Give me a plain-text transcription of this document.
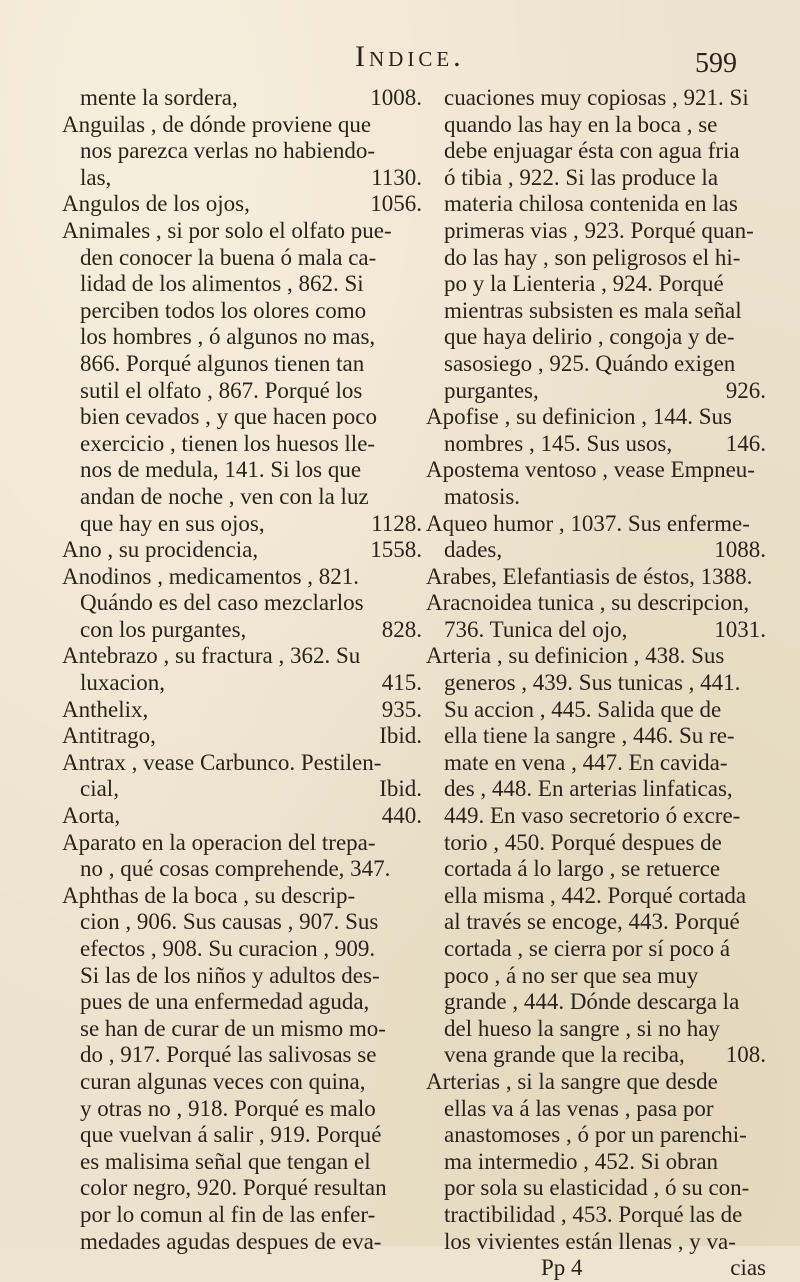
Indice.	599
mente la sordera,	1008.
Anguilas , de dónde proviene que
nos parezca verlas no habiendo-
las,	1130.
Angulos de los ojos,	1056.
Animales , si por solo el olfato pue-
den conocer la buena ó mala ca-
lidad de los alimentos , 862. Si
perciben todos los olores como
los hombres , ó algunos no mas,
866. Porqué algunos tienen tan
sutil el olfato , 867. Porqué los
bien cevados , y que hacen poco
exercicio , tienen los huesos lle-
nos de medula, 141. Si los que
andan de noche , ven con la luz
que hay en sus ojos,	1128.
Ano , su procidencia,	1558.
Anodinos , medicamentos , 821.
Quándo es del caso mezclarlos
con los purgantes,	828.
Antebrazo , su fractura , 362. Su
luxacion,	415.
Anthelix,	935.
Antitrago,	Ibid.
Antrax , vease Carbunco. Pestilen-
cial,	Ibid.
Aorta,	440.
Aparato en la operacion del trepa-
no , qué cosas comprehende, 347.
Aphthas de la boca , su descrip-
cion , 906. Sus causas , 907. Sus
efectos , 908. Su curacion , 909.
Si las de los niños y adultos des-
pues de una enfermedad aguda,
se han de curar de un mismo mo-
do , 917. Porqué las salivosas se
curan algunas veces con quina,
y otras no , 918. Porqué es malo
que vuelvan á salir , 919. Porqué
es malisima señal que tengan el
color negro, 920. Porqué resultan
por lo comun al fin de las enfer-
medades agudas despues de eva-
cuaciones muy copiosas , 921. Si
quando las hay en la boca , se
debe enjuagar ésta con agua fria
ó tibia , 922. Si las produce la
materia chilosa contenida en las
primeras vias , 923. Porqué quan-
do las hay , son peligrosos el hi-
po y la Lienteria , 924. Porqué
mientras subsisten es mala señal
que haya delirio , congoja y de-
sasosiego , 925. Quándo exigen
purgantes,	926.
Apofise , su definicion , 144. Sus
nombres , 145. Sus usos, 146.
Apostema ventoso , vease Empneu-
matosis.
Aqueo humor , 1037. Sus enferme-
dades,	1088.
Arabes, Elefantiasis de éstos, 1388.
Aracnoidea tunica , su descripcion,
736. Tunica del ojo,	1031.
Arteria , su definicion , 438. Sus
generos , 439. Sus tunicas , 441.
Su accion , 445. Salida que de
ella tiene la sangre , 446. Su re-
mate en vena , 447. En cavida-
des , 448. En arterias linfaticas,
449. En vaso secretorio ó excre-
torio , 450. Porqué despues de
cortada á lo largo , se retuerce
ella misma , 442. Porqué cortada
al través se encoge, 443. Porqué
cortada , se cierra por sí poco á
poco , á no ser que sea muy
grande , 444. Dónde descarga la
del hueso la sangre , si no hay
vena grande que la reciba, 108.
Arterias , si la sangre que desde
ellas va á las venas , pasa por
anastomoses , ó por un parenchi-
ma intermedio , 452. Si obran
por sola su elasticidad , ó su con-
tractibilidad , 453. Porqué las de
los vivientes están llenas , y va-
Pp 4	cias
